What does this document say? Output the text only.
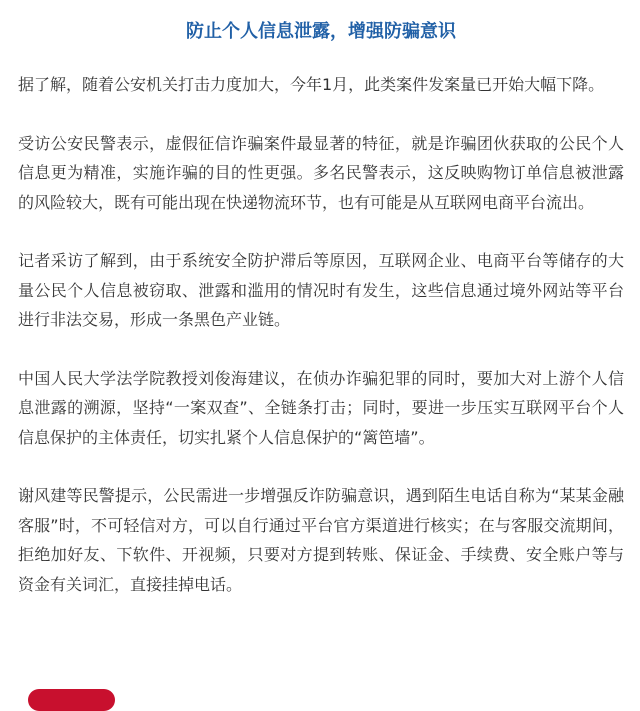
防止个人信息泄露，增强防骗意识

据了解，随着公安机关打击力度加大，今年1月，此类案件发案量已开始大幅下降。

受访公安民警表示，虚假征信诈骗案件最显著的特征，就是诈骗团伙获取的公民个人信息更为精准，实施诈骗的目的性更强。多名民警表示，这反映购物订单信息被泄露的风险较大，既有可能出现在快递物流环节，也有可能是从互联网电商平台流出。

记者采访了解到，由于系统安全防护滞后等原因，互联网企业、电商平台等储存的大量公民个人信息被窃取、泄露和滥用的情况时有发生，这些信息通过境外网站等平台进行非法交易，形成一条黑色产业链。

中国人民大学法学院教授刘俊海建议，在侦办诈骗犯罪的同时，要加大对上游个人信息泄露的溯源，坚持“一案双查”、全链条打击；同时，要进一步压实互联网平台个人信息保护的主体责任，切实扎紧个人信息保护的“篱笆墙”。

谢风建等民警提示，公民需进一步增强反诈防骗意识，遇到陌生电话自称为“某某金融客服”时，不可轻信对方，可以自行通过平台官方渠道进行核实；在与客服交流期间，拒绝加好友、下软件、开视频，只要对方提到转账、保证金、手续费、安全账户等与资金有关词汇，直接挂掉电话。
